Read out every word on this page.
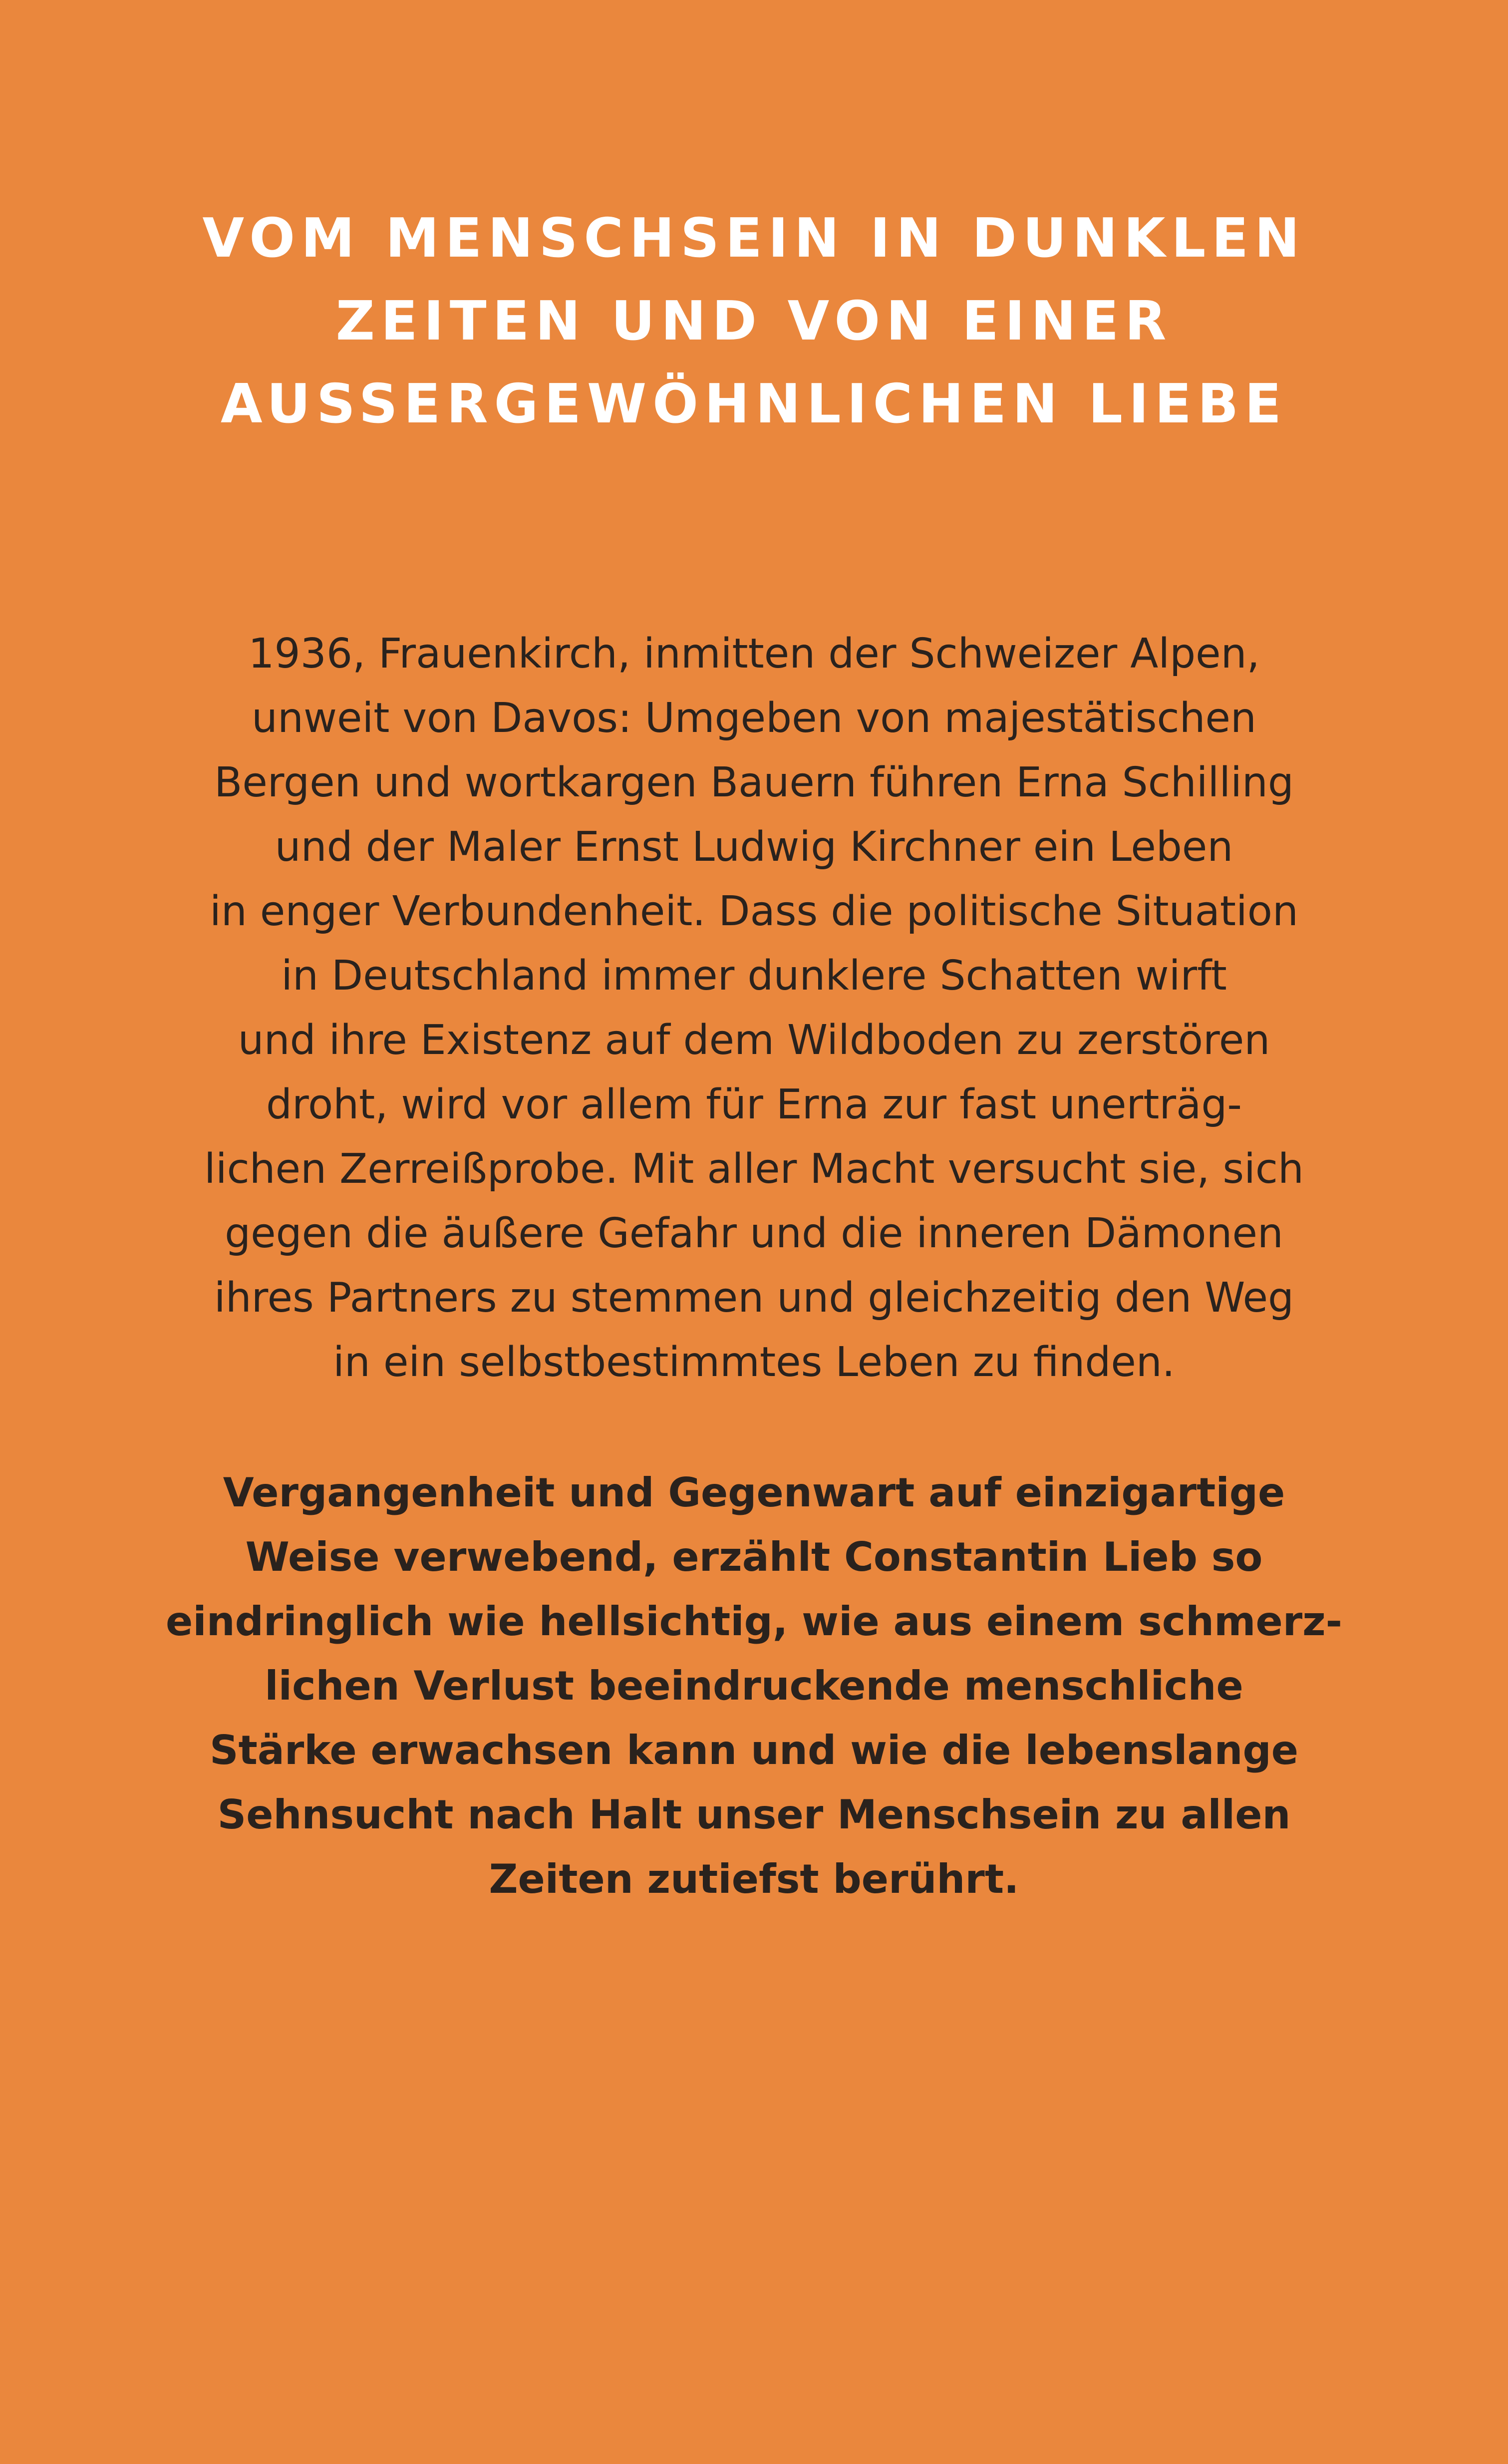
VOM MENSCHSEIN IN DUNKLEN
ZEITEN UND VON EINER
AUSSERGEWÖHNLICHEN LIEBE

1936, Frauenkirch, inmitten der Schweizer Alpen,
unweit von Davos: Umgeben von majestätischen
Bergen und wortkargen Bauern führen Erna Schilling
und der Maler Ernst Ludwig Kirchner ein Leben
in enger Verbundenheit. Dass die politische Situation
in Deutschland immer dunklere Schatten wirft
und ihre Existenz auf dem Wildboden zu zerstören
droht, wird vor allem für Erna zur fast unerträg-
lichen Zerreißprobe. Mit aller Macht versucht sie, sich
gegen die äußere Gefahr und die inneren Dämonen
ihres Partners zu stemmen und gleichzeitig den Weg
in ein selbstbestimmtes Leben zu finden.

Vergangenheit und Gegenwart auf einzigartige
Weise verwebend, erzählt Constantin Lieb so
eindringlich wie hellsichtig, wie aus einem schmerz-
lichen Verlust beeindruckende menschliche
Stärke erwachsen kann und wie die lebenslange
Sehnsucht nach Halt unser Menschsein zu allen
Zeiten zutiefst berührt.
